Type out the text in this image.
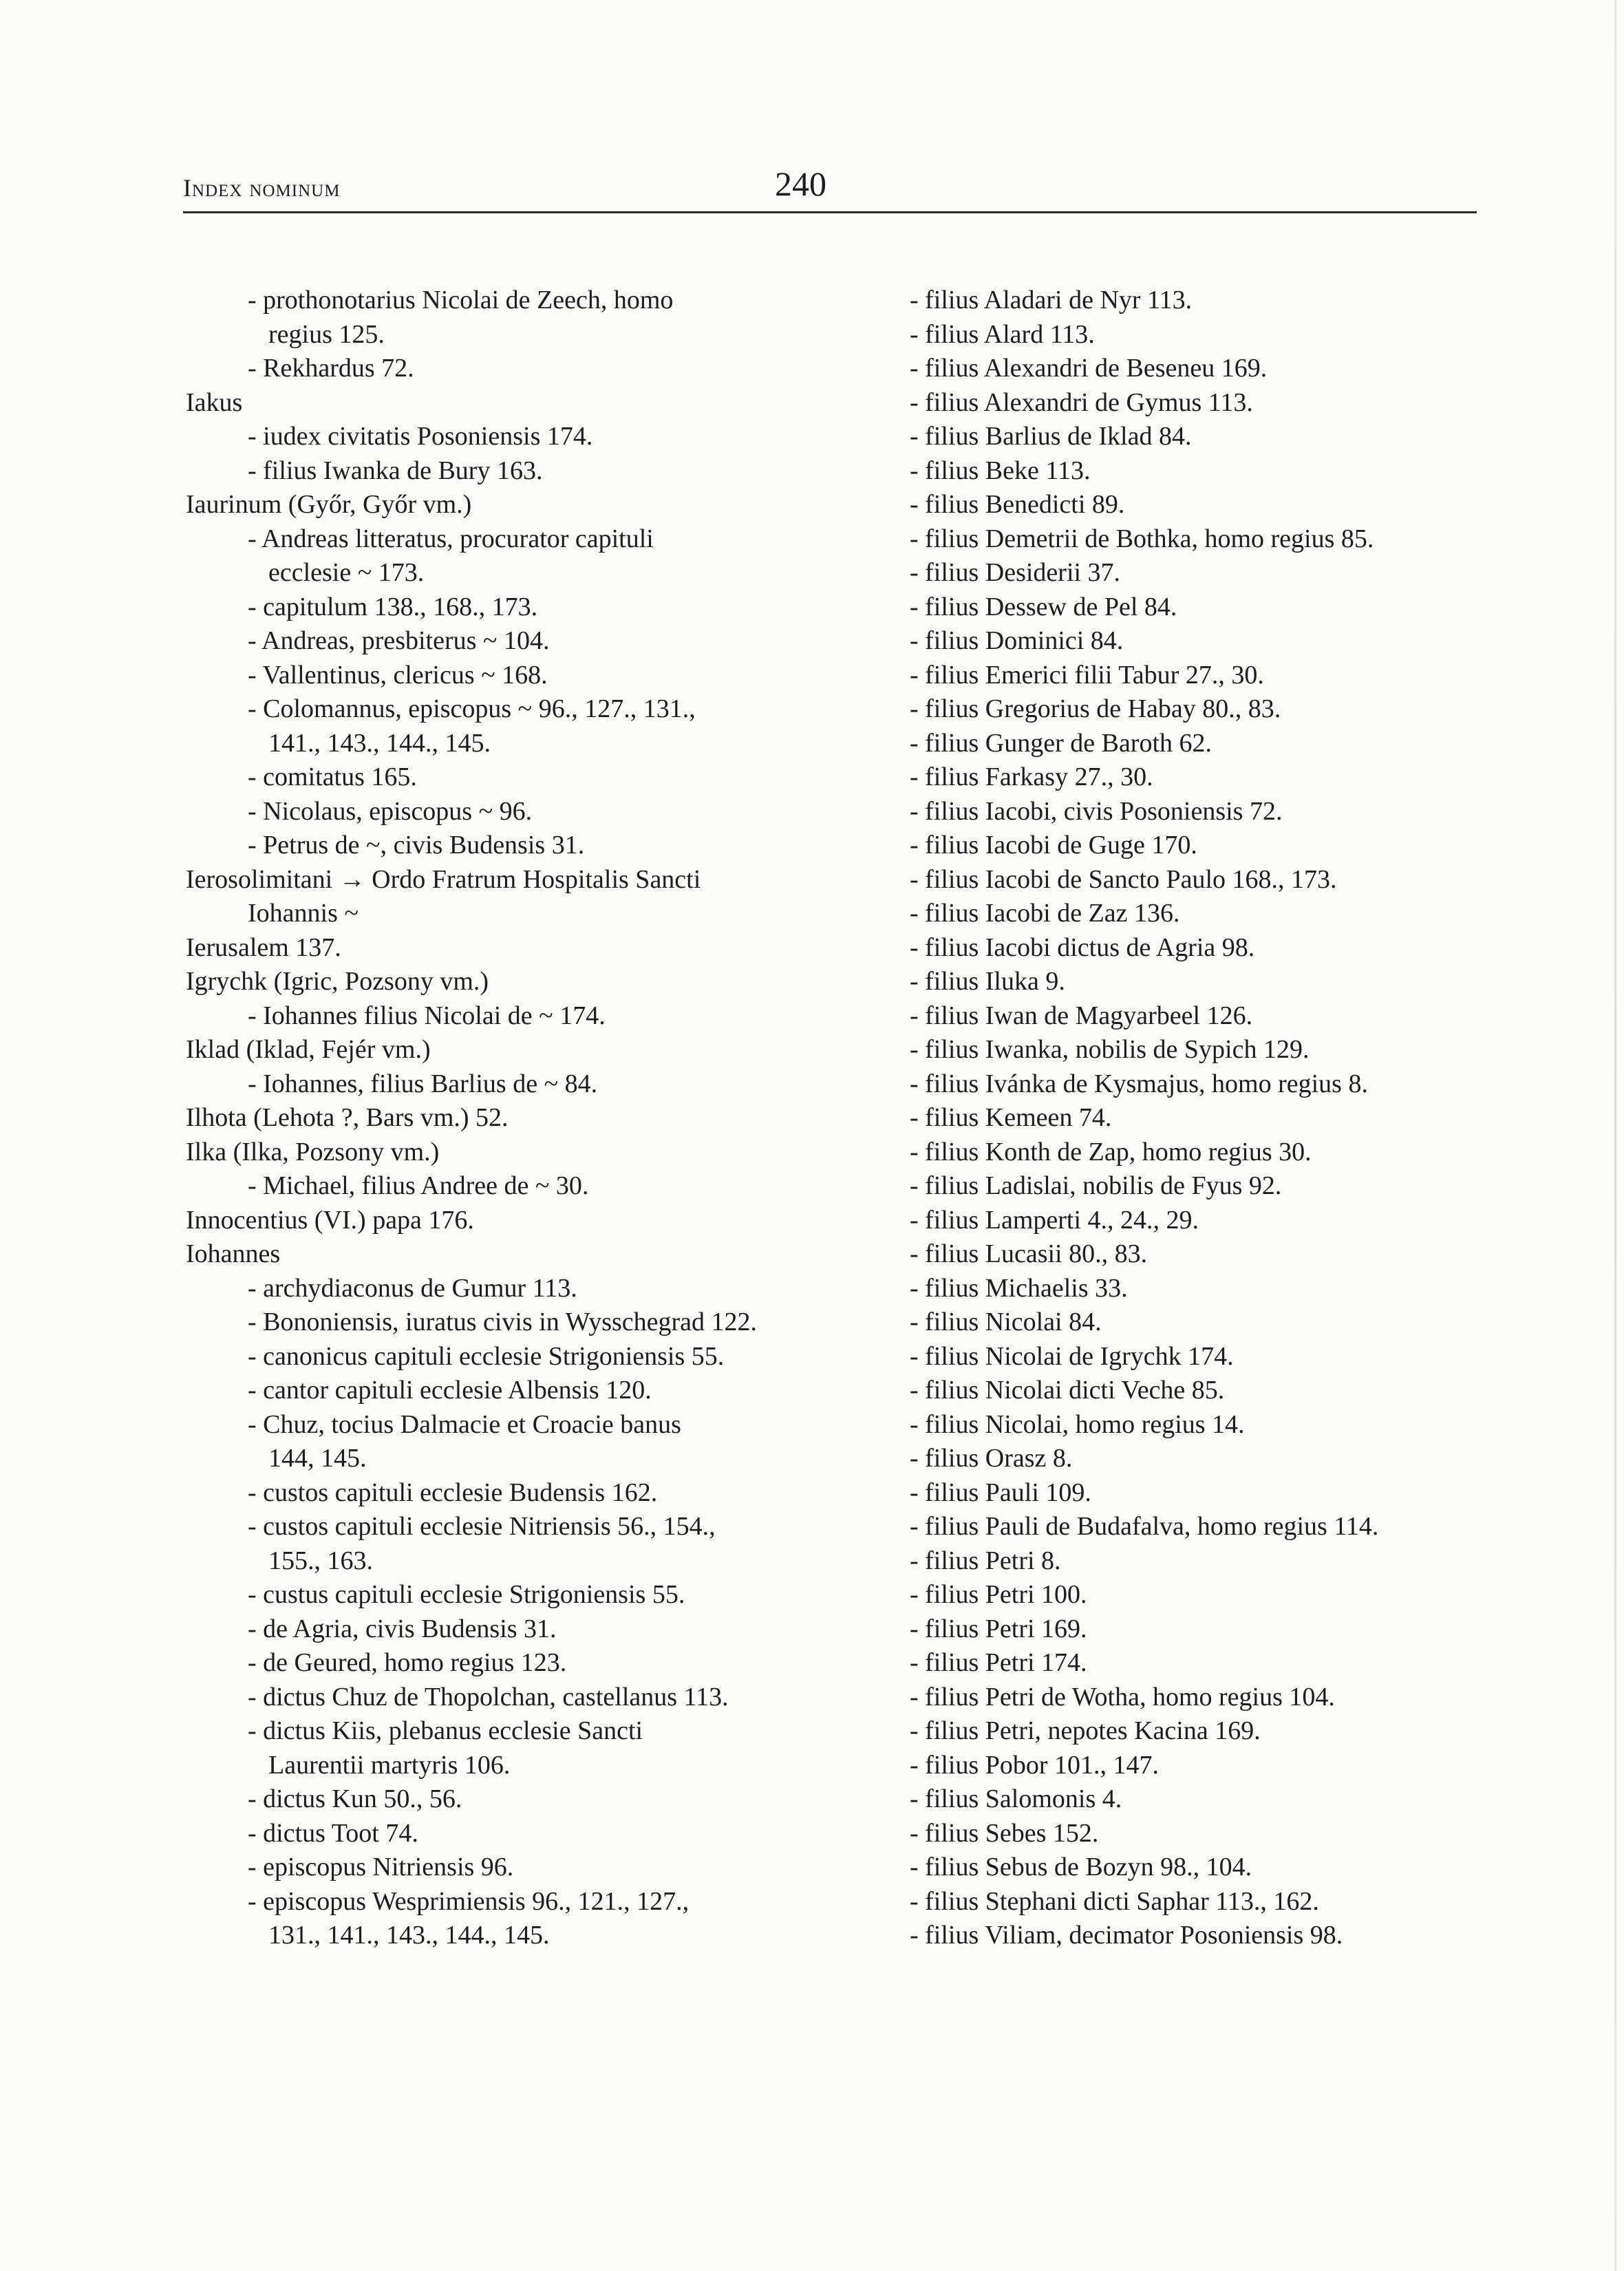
Index nominum	240
- prothonotarius Nicolai de Zeech, homo
regius 125.
- Rekhardus 72.
Iakus
- iudex civitatis Posoniensis 174.
- filius Iwanka de Bury 163.
Iaurinum (Győr, Győr vm.)
- Andreas litteratus, procurator capituli
ecclesie ~ 173.
- capitulum 138., 168., 173.
- Andreas, presbiterus ~ 104.
- Vallentinus, clericus ~ 168.
- Colomannus, episcopus ~ 96., 127., 131.,
141., 143., 144., 145.
- comitatus 165.
- Nicolaus, episcopus ~ 96.
- Petrus de ~, civis Budensis 31.
Ierosolimitani → Ordo Fratrum Hospitalis Sancti
Iohannis ~
Ierusalem 137.
Igrychk (Igric, Pozsony vm.)
- Iohannes filius Nicolai de ~ 174.
Iklad (Iklad, Fejér vm.)
- Iohannes, filius Barlius de ~ 84.
Ilhota (Lehota ?, Bars vm.) 52.
Ilka (Ilka, Pozsony vm.)
- Michael, filius Andree de ~ 30.
Innocentius (VI.) papa 176.
Iohannes
- archydiaconus de Gumur 113.
- Bononiensis, iuratus civis in Wysschegrad 122.
- canonicus capituli ecclesie Strigoniensis 55.
- cantor capituli ecclesie Albensis 120.
- Chuz, tocius Dalmacie et Croacie banus
144, 145.
- custos capituli ecclesie Budensis 162.
- custos capituli ecclesie Nitriensis 56., 154.,
155., 163.
- custus capituli ecclesie Strigoniensis 55.
- de Agria, civis Budensis 31.
- de Geured, homo regius 123.
- dictus Chuz de Thopolchan, castellanus 113.
- dictus Kiis, plebanus ecclesie Sancti
Laurentii martyris 106.
- dictus Kun 50., 56.
- dictus Toot 74.
- episcopus Nitriensis 96.
- episcopus Wesprimiensis 96., 121., 127.,
131., 141., 143., 144., 145.
- filius Aladari de Nyr 113.
- filius Alard 113.
- filius Alexandri de Beseneu 169.
- filius Alexandri de Gymus 113.
- filius Barlius de Iklad 84.
- filius Beke 113.
- filius Benedicti 89.
- filius Demetrii de Bothka, homo regius 85.
- filius Desiderii 37.
- filius Dessew de Pel 84.
- filius Dominici 84.
- filius Emerici filii Tabur 27., 30.
- filius Gregorius de Habay 80., 83.
- filius Gunger de Baroth 62.
- filius Farkasy 27., 30.
- filius Iacobi, civis Posoniensis 72.
- filius Iacobi de Guge 170.
- filius Iacobi de Sancto Paulo 168., 173.
- filius Iacobi de Zaz 136.
- filius Iacobi dictus de Agria 98.
- filius Iluka 9.
- filius Iwan de Magyarbeel 126.
- filius Iwanka, nobilis de Sypich 129.
- filius Ivánka de Kysmajus, homo regius 8.
- filius Kemeen 74.
- filius Konth de Zap, homo regius 30.
- filius Ladislai, nobilis de Fyus 92.
- filius Lamperti 4., 24., 29.
- filius Lucasii 80., 83.
- filius Michaelis 33.
- filius Nicolai 84.
- filius Nicolai de Igrychk 174.
- filius Nicolai dicti Veche 85.
- filius Nicolai, homo regius 14.
- filius Orasz 8.
- filius Pauli 109.
- filius Pauli de Budafalva, homo regius 114.
- filius Petri 8.
- filius Petri 100.
- filius Petri 169.
- filius Petri 174.
- filius Petri de Wotha, homo regius 104.
- filius Petri, nepotes Kacina 169.
- filius Pobor 101., 147.
- filius Salomonis 4.
- filius Sebes 152.
- filius Sebus de Bozyn 98., 104.
- filius Stephani dicti Saphar 113., 162.
- filius Viliam, decimator Posoniensis 98.
